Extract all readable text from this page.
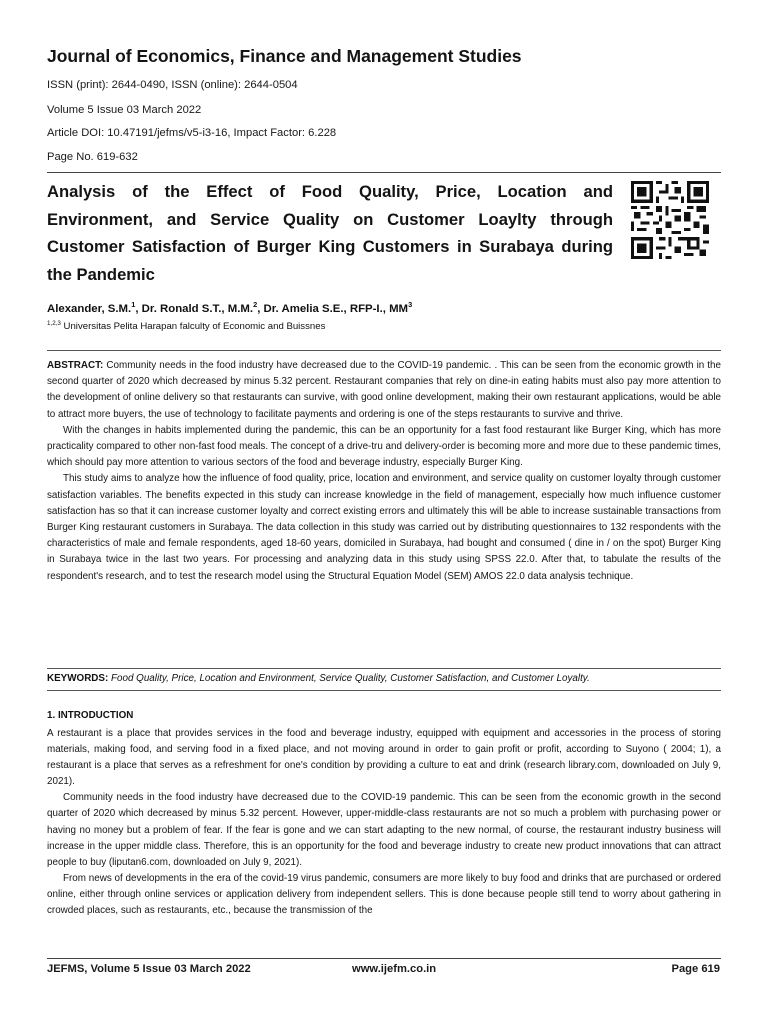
Journal of Economics, Finance and Management Studies
ISSN (print): 2644-0490, ISSN (online): 2644-0504
Volume 5 Issue 03 March 2022
Article DOI: 10.47191/jefms/v5-i3-16, Impact Factor: 6.228
Page No. 619-632
Analysis of the Effect of Food Quality, Price, Location and Environment, and Service Quality on Customer Loaylty through Customer Satisfaction of Burger King Customers in Surabaya during the Pandemic
Alexander, S.M.$^1$, Dr. Ronald S.T., M.M.$^2$, Dr. Amelia S.E., RFP-I., $MM^3$
$^{1,2,3}$ Universitas Pelita Harapan falculty of Economic and Buissnes

ABSTRACT: Community needs in the food industry have decreased due to the COVID-19 pandemic. . This can be seen from the economic growth in the second quarter of 2020 which decreased by minus 5.32 percent. Restaurant companies that rely on dine-in eating habits must also pay more attention to the development of online delivery so that restaurants can survive, with good online development, making their own restaurant applications, would be able to attract more buyers, the use of technology to facilitate payments and ordering is one of the steps restaurants to survive and thrive.

With the changes in habits implemented during the pandemic, this can be an opportunity for a fast food restaurant like Burger King, which has more practicality compared to other non-fast food meals. The concept of a drive-tru and delivery-order is becoming more and more due to these pandemic times, which should pay more attention to various sectors of the food and beverage industry, especially Burger King.

This study aims to analyze how the influence of food quality, price, location and environment, and service quality on customer loyalty through customer satisfaction variables. The benefits expected in this study can increase knowledge in the field of management, especially how much influence customer satisfaction has so that it can increase customer loyalty and correct existing errors and ultimately this will be able to increase sustainable transactions from Burger King restaurant customers in Surabaya. The data collection in this study was carried out by distributing questionnaires to 132 respondents with the characteristics of male and female respondents, aged 18-60 years, domiciled in Surabaya, had bought and consumed ( dine in / on the spot) Burger King in Surabaya twice in the last two years. For processing and analyzing data in this study using SPSS 22.0. After that, to tabulate the results of the respondent's research, and to test the research model using the Structural Equation Model (SEM) AMOS 22.0 data analysis technique.

KEYWORDS: Food Quality, Price, Location and Environment, Service Quality, Customer Satisfaction, and Customer Loyalty.
1. INTRODUCTION

A restaurant is a place that provides services in the food and beverage industry, equipped with equipment and accessories in the process of storing materials, making food, and serving food in a fixed place, and not moving around in order to gain profit or profit, according to Suyono ( 2004; 1), a restaurant is a place that serves as a refreshment for one's condition by providing a culture to eat and drink (research library.com, downloaded on July 9, 2021).

Community needs in the food industry have decreased due to the COVID-19 pandemic. This can be seen from the economic growth in the second quarter of 2020 which decreased by minus 5.32 percent. However, upper-middle-class restaurants are not so much a problem with purchasing power or having no money but a problem of fear. If the fear is gone and we can start adapting to the new normal, of course, the restaurant industry business will increase in the upper middle class. Therefore, this is an opportunity for the food and beverage industry to create new product innovations that can attract people to buy (liputan6.com, downloaded on July 9, 2021).

From news of developments in the era of the covid-19 virus pandemic, consumers are more likely to buy food and drinks that are purchased or ordered online, either through online services or application delivery from independent sellers. This is done because people still tend to worry about gathering in crowded places, such as restaurants, etc., because the transmission of the

JEFMS, Volume 5 Issue 03 March 2022	www.ijefm.co.in	Page 619
